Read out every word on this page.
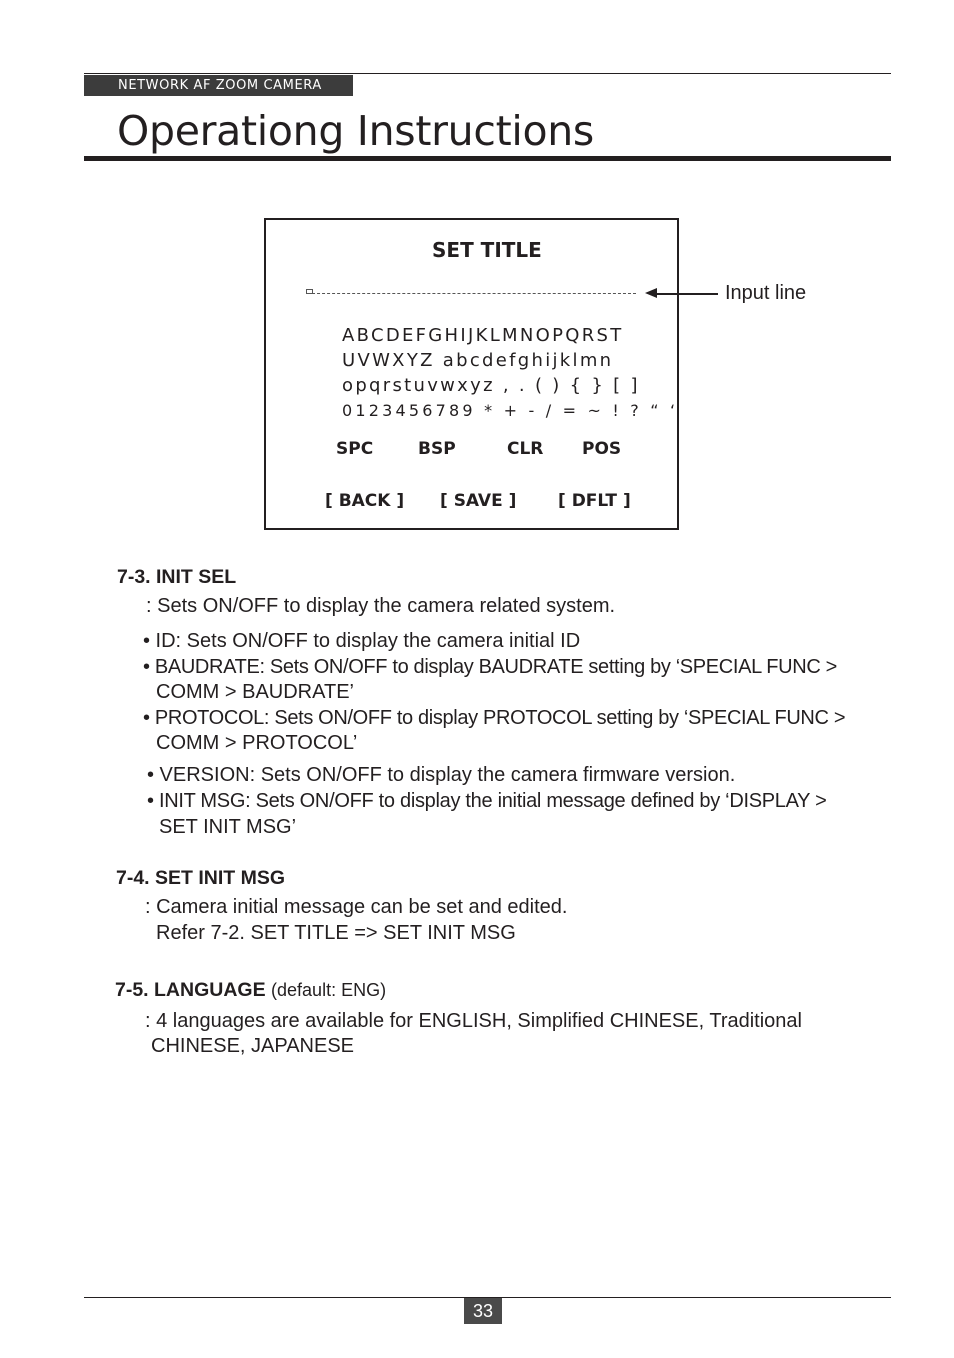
NETWORK AF ZOOM CAMERA
Operationg Instructions
SET TITLE
ABCDEFGHIJKLMNOPQRST
UVWXYZ abcdefghijklmn
opqrstuvwxyz , . ( ) { } [ ]
0123456789 * + - / = ~ ! ? “ ‘
SPC	BSP	CLR POS
[ BACK ] [ SAVE ] [ DFLT ]
Input line
7-3. INIT SEL
: Sets ON/OFF to display the camera related system.
• ID: Sets ON/OFF to display the camera initial ID
• BAUDRATE: Sets ON/OFF to display BAUDRATE setting by ‘SPECIAL FUNC >
COMM > BAUDRATE’
• PROTOCOL: Sets ON/OFF to display PROTOCOL setting by ‘SPECIAL FUNC >
COMM > PROTOCOL’
• VERSION: Sets ON/OFF to display the camera firmware version.
• INIT MSG: Sets ON/OFF to display the initial message defined by ‘DISPLAY >
SET INIT MSG’
7-4. SET INIT MSG
: Camera initial message can be set and edited.
Refer 7-2. SET TITLE => SET INIT MSG
7-5. LANGUAGE (default: ENG)
: 4 languages are available for ENGLISH, Simplified CHINESE, Traditional
CHINESE, JAPANESE
33
